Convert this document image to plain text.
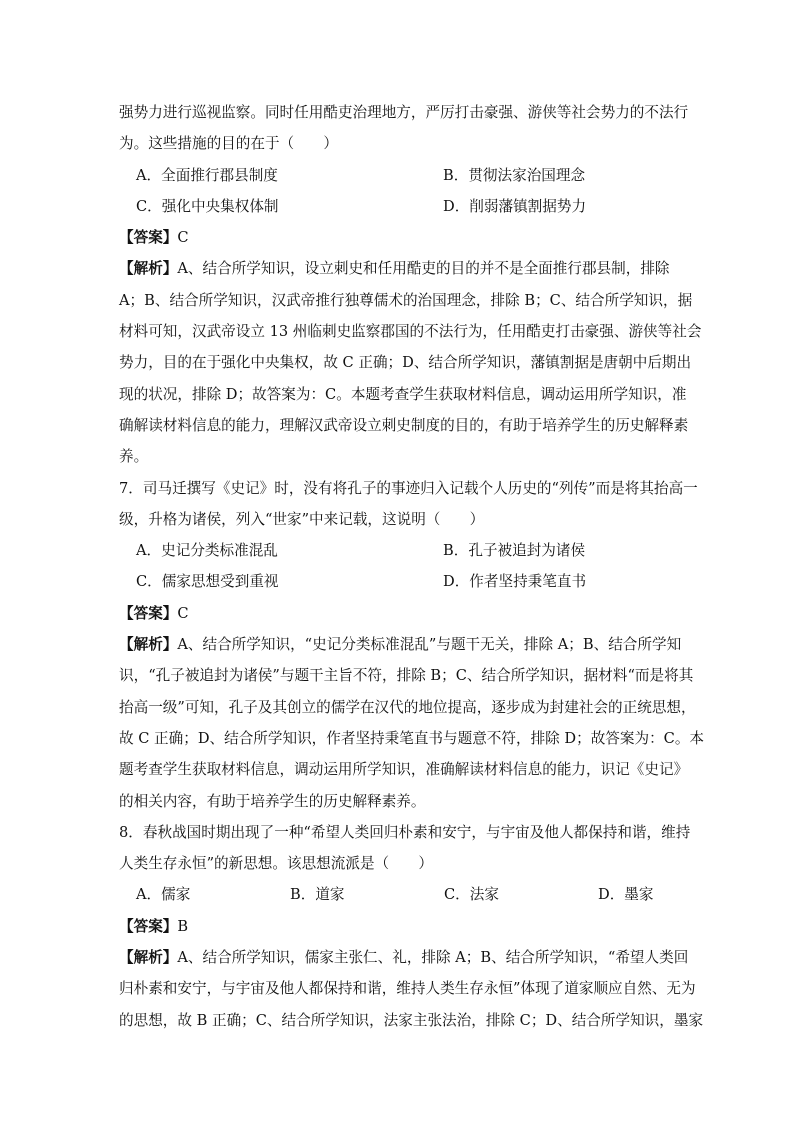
强势力进行巡视监察。同时任用酷吏治理地方，严厉打击豪强、游侠等社会势力的不法行

为。这些措施的目的在于（　　）

A．全面推行郡县制度	B．贯彻法家治国理念
C．强化中央集权体制	D．削弱藩镇割据势力

【答案】C

【解析】A、结合所学知识，设立刺史和任用酷吏的目的并不是全面推行郡县制，排除

A；B、结合所学知识，汉武帝推行独尊儒术的治国理念，排除 B；C、结合所学知识，据

材料可知，汉武帝设立 13 州临刺史监察郡国的不法行为，任用酷吏打击豪强、游侠等社会

势力，目的在于强化中央集权，故 C 正确；D、结合所学知识，藩镇割据是唐朝中后期出

现的状况，排除 D；故答案为：C。本题考查学生获取材料信息，调动运用所学知识，准

确解读材料信息的能力，理解汉武帝设立刺史制度的目的，有助于培养学生的历史解释素

养。

7．司马迁撰写《史记》时，没有将孔子的事迹归入记载个人历史的“列传”而是将其抬高一

级，升格为诸侯，列入“世家”中来记载，这说明（　　）

A．史记分类标准混乱	B．孔子被追封为诸侯
C．儒家思想受到重视	D．作者坚持秉笔直书

【答案】C

【解析】A、结合所学知识，“史记分类标准混乱”与题干无关，排除 A；B、结合所学知

识，“孔子被追封为诸侯”与题干主旨不符，排除 B；C、结合所学知识，据材料“而是将其

抬高一级”可知，孔子及其创立的儒学在汉代的地位提高，逐步成为封建社会的正统思想，

故 C 正确；D、结合所学知识，作者坚持秉笔直书与题意不符，排除 D；故答案为：C。本

题考查学生获取材料信息，调动运用所学知识，准确解读材料信息的能力，识记《史记》

的相关内容，有助于培养学生的历史解释素养。

8．春秋战国时期出现了一种“希望人类回归朴素和安宁，与宇宙及他人都保持和谐，维持

人类生存永恒”的新思想。该思想流派是（　　）

A．儒家	B．道家	C．法家	D．墨家

【答案】B

【解析】A、结合所学知识，儒家主张仁、礼，排除 A；B、结合所学知识，“希望人类回

归朴素和安宁，与宇宙及他人都保持和谐，维持人类生存永恒”体现了道家顺应自然、无为

的思想，故 B 正确；C、结合所学知识，法家主张法治，排除 C；D、结合所学知识，墨家
